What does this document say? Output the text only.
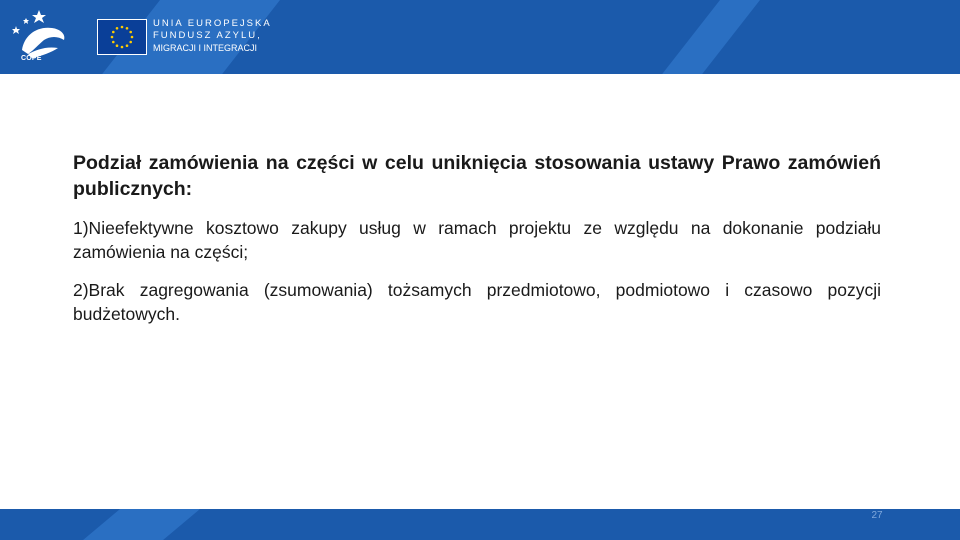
COPE
UNIA EUROPEJSKA
FUNDUSZ AZYLU,
MIGRACJI I INTEGRACJI

Podział zamówienia na części w celu uniknięcia stosowania ustawy Prawo zamówień publicznych:

1)Nieefektywne kosztowo zakupy usług w ramach projektu ze względu na dokonanie podziału zamówienia na części;

2)Brak zagregowania (zsumowania) tożsamych przedmiotowo, podmiotowo i czasowo pozycji budżetowych.

27
